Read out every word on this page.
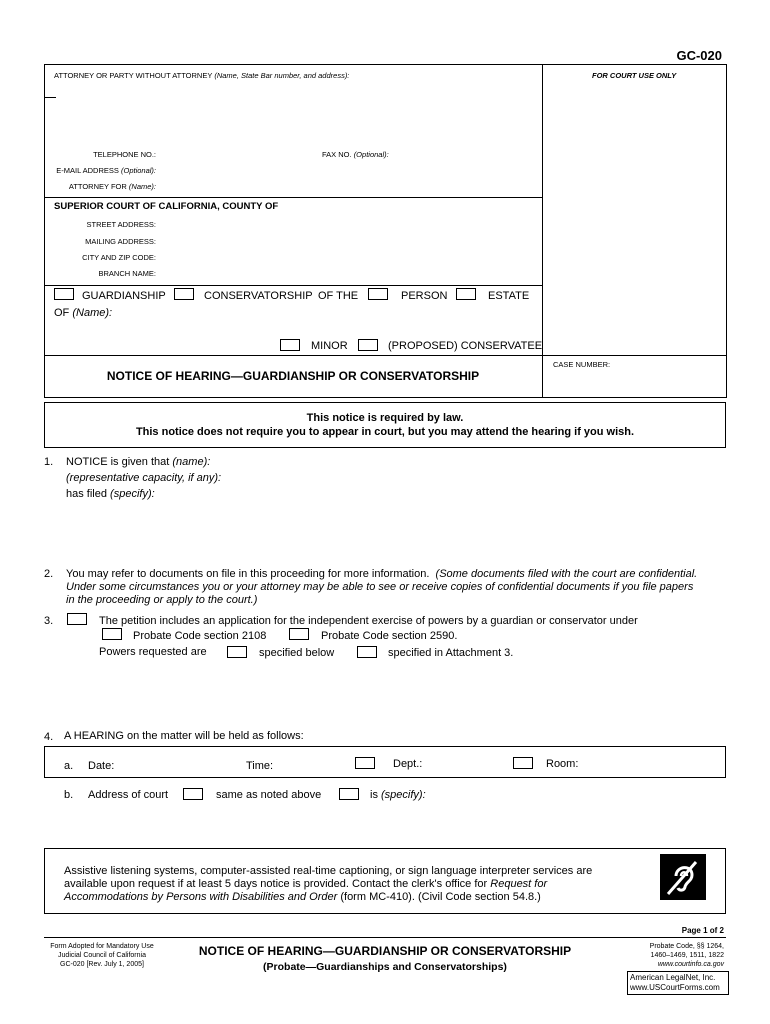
GC-020
ATTORNEY OR PARTY WITHOUT ATTORNEY (Name, State Bar number, and address):	FOR COURT USE ONLY
TELEPHONE NO.:	FAX NO. (Optional):
E-MAIL ADDRESS (Optional):
ATTORNEY FOR (Name):
SUPERIOR COURT OF CALIFORNIA, COUNTY OF
STREET ADDRESS:
MAILING ADDRESS:
CITY AND ZIP CODE:
BRANCH NAME:
GUARDIANSHIP	CONSERVATORSHIP OF THE	PERSON	ESTATE
OF (Name):
MINOR	(PROPOSED) CONSERVATEE
NOTICE OF HEARING—GUARDIANSHIP OR CONSERVATORSHIP
CASE NUMBER:
This notice is required by law.
This notice does not require you to appear in court, but you may attend the hearing if you wish.
1. NOTICE is given that (name):
(representative capacity, if any):
has filed (specify):
2. You may refer to documents on file in this proceeding for more information. (Some documents filed with the court are confidential.
Under some circumstances you or your attorney may be able to see or receive copies of confidential documents if you file papers
in the proceeding or apply to the court.)
3.	The petition includes an application for the independent exercise of powers by a guardian or conservator under
Probate Code section 2108	Probate Code section 2590.
Powers requested are	specified below	specified in Attachment 3.
4. A HEARING on the matter will be held as follows:
a. Date:	Time:	Dept.:	Room:
b. Address of court	same as noted above	is (specify):
Assistive listening systems, computer-assisted real-time captioning, or sign language interpreter services are
available upon request if at least 5 days notice is provided. Contact the clerk's office for Request for
Accommodations by Persons with Disabilities and Order (form MC-410). (Civil Code section 54.8.)
Page 1 of 2
Form Adopted for Mandatory Use
Judicial Council of California
GC-020 [Rev. July 1, 2005]
NOTICE OF HEARING—GUARDIANSHIP OR CONSERVATORSHIP
(Probate—Guardianships and Conservatorships)
Probate Code, §§ 1264,
1460–1469, 1511, 1822
www.courtinfo.ca.gov
American LegalNet, Inc.
www.USCourtForms.com
